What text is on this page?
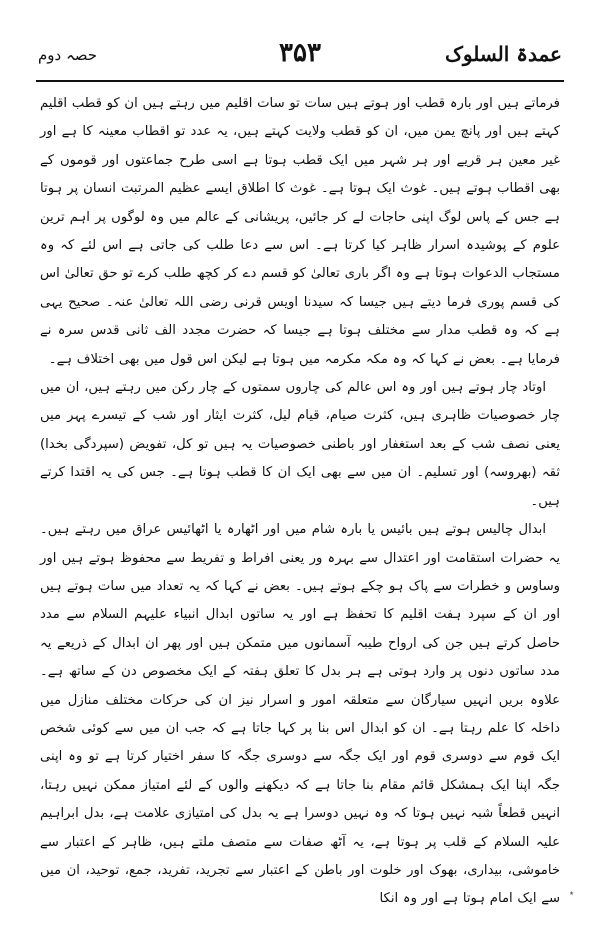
عمدۃ السلوک
۳۵۳
حصہ دوم

فرماتے ہیں اور بارہ قطب اور ہوتے ہیں سات تو سات اقلیم میں رہتے ہیں ان کو قطب اقلیم کہتے ہیں اور پانچ یمن میں، ان کو قطب ولایت کہتے ہیں، یہ عدد تو اقطاب معینہ کا ہے اور غیر معین ہر قریے اور ہر شہر میں ایک قطب ہوتا ہے اسی طرح جماعتوں اور قوموں کے بھی اقطاب ہوتے ہیں۔ غوث ایک ہوتا ہے۔ غوث کا اطلاق ایسے عظیم المرتبت انسان پر ہوتا ہے جس کے پاس لوگ اپنی حاجات لے کر جائیں، پریشانی کے عالم میں وہ لوگوں پر اہم ترین علوم کے پوشیدہ اسرار ظاہر کیا کرتا ہے۔ اس سے دعا طلب کی جاتی ہے اس لئے کہ وہ مستجاب الدعوات ہوتا ہے وہ اگر باری تعالیٰ کو قسم دے کر کچھ طلب کرے تو حق تعالیٰ اس کی قسم پوری فرما دیتے ہیں جیسا کہ سیدنا اویس قرنی رضی اللہ تعالیٰ عنہ۔ صحیح یہی ہے کہ وہ قطب مدار سے مختلف ہوتا ہے جیسا کہ حضرت مجدد الف ثانی قدس سرہ نے فرمایا ہے۔ بعض نے کہا کہ وہ مکہ مکرمہ میں ہوتا ہے لیکن اس قول میں بھی اختلاف ہے۔

اوتاد چار ہوتے ہیں اور وہ اس عالم کی چاروں سمتوں کے چار رکن میں رہتے ہیں، ان میں چار خصوصیات ظاہری ہیں، کثرت صیام، قیام لیل، کثرت ایثار اور شب کے تیسرے پہر میں یعنی نصف شب کے بعد استغفار اور باطنی خصوصیات یہ ہیں تو کل، تفویض (سپردگی بخدا) ثقہ (بھروسہ) اور تسلیم۔ ان میں سے بھی ایک ان کا قطب ہوتا ہے۔ جس کی یہ اقتدا کرتے ہیں۔

ابدال چالیس ہوتے ہیں بائیس یا بارہ شام میں اور اٹھارہ یا اٹھائیس عراق میں رہتے ہیں۔ یہ حضرات استقامت اور اعتدال سے بہرہ ور یعنی افراط و تفریط سے محفوظ ہوتے ہیں اور وساوس و خطرات سے پاک ہو چکے ہوتے ہیں۔ بعض نے کہا کہ یہ تعداد میں سات ہوتے ہیں اور ان کے سپرد ہفت اقلیم کا تحفظ ہے اور یہ ساتوں ابدال انبیاء علیہم السلام سے مدد حاصل کرتے ہیں جن کی ارواح طیبہ آسمانوں میں متمکن ہیں اور پھر ان ابدال کے ذریعے یہ مدد ساتوں دنوں پر وارد ہوتی ہے ہر بدل کا تعلق ہفتہ کے ایک مخصوص دن کے ساتھ ہے۔ علاوہ بریں انہیں سیارگان سے متعلقہ امور و اسرار نیز ان کی حرکات مختلف منازل میں داخلہ کا علم رہتا ہے۔ ان کو ابدال اس بنا پر کہا جاتا ہے کہ جب ان میں سے کوئی شخص ایک قوم سے دوسری قوم اور ایک جگہ سے دوسری جگہ کا سفر اختیار کرتا ہے تو وہ اپنی جگہ اپنا ایک ہمشکل قائم مقام بنا جاتا ہے کہ دیکھنے والوں کے لئے امتیاز ممکن نہیں رہتا، انہیں قطعاً شبہ نہیں ہوتا کہ وہ نہیں دوسرا ہے یہ بدل کی امتیازی علامت ہے، بدل ابراہیم علیہ السلام کے قلب پر ہوتا ہے، یہ آٹھ صفات سے متصف ملتے ہیں، ظاہر کے اعتبار سے خاموشی، بیداری، بھوک اور خلوت اور باطن کے اعتبار سے تجرید، تفرید، جمع، توحید، ان میں سے ایک امام ہوتا ہے اور وہ انکا ٭
